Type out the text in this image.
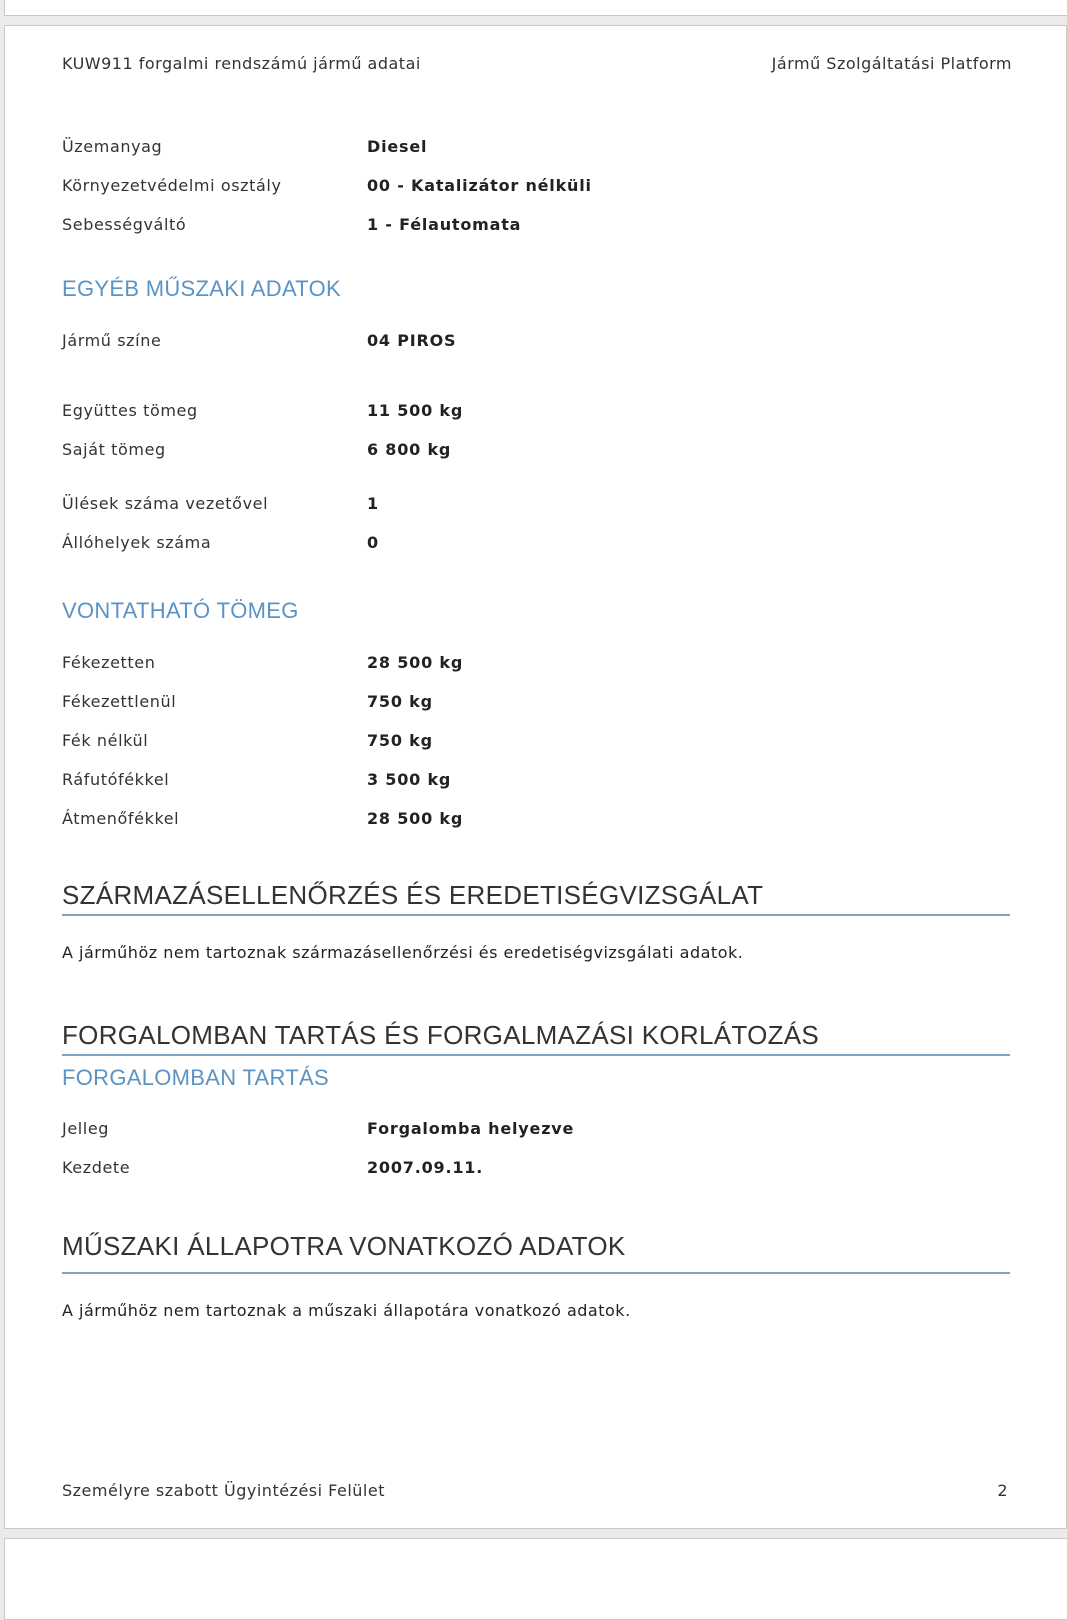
KUW911 forgalmi rendszámú jármű adatai	Jármű Szolgáltatási Platform
Üzemanyag	Diesel
Környezetvédelmi osztály	00 - Katalizátor nélküli
Sebességváltó	1 - Félautomata
EGYÉB MŰSZAKI ADATOK
Jármű színe	04 PIROS
Együttes tömeg	11 500 kg
Saját tömeg	6 800 kg
Ülések száma vezetővel	1
Állóhelyek száma	0
VONTATHATÓ TÖMEG
Fékezetten	28 500 kg
Fékezettlenül	750 kg
Fék nélkül	750 kg
Ráfutófékkel	3 500 kg
Átmenőfékkel	28 500 kg
SZÁRMAZÁSELLENŐRZÉS ÉS EREDETISÉGVIZSGÁLAT
A járműhöz nem tartoznak származásellenőrzési és eredetiségvizsgálati adatok.
FORGALOMBAN TARTÁS ÉS FORGALMAZÁSI KORLÁTOZÁS
FORGALOMBAN TARTÁS
Jelleg	Forgalomba helyezve
Kezdete	2007.09.11.
MŰSZAKI ÁLLAPOTRA VONATKOZÓ ADATOK
A járműhöz nem tartoznak a műszaki állapotára vonatkozó adatok.
Személyre szabott Ügyintézési Felület	2
